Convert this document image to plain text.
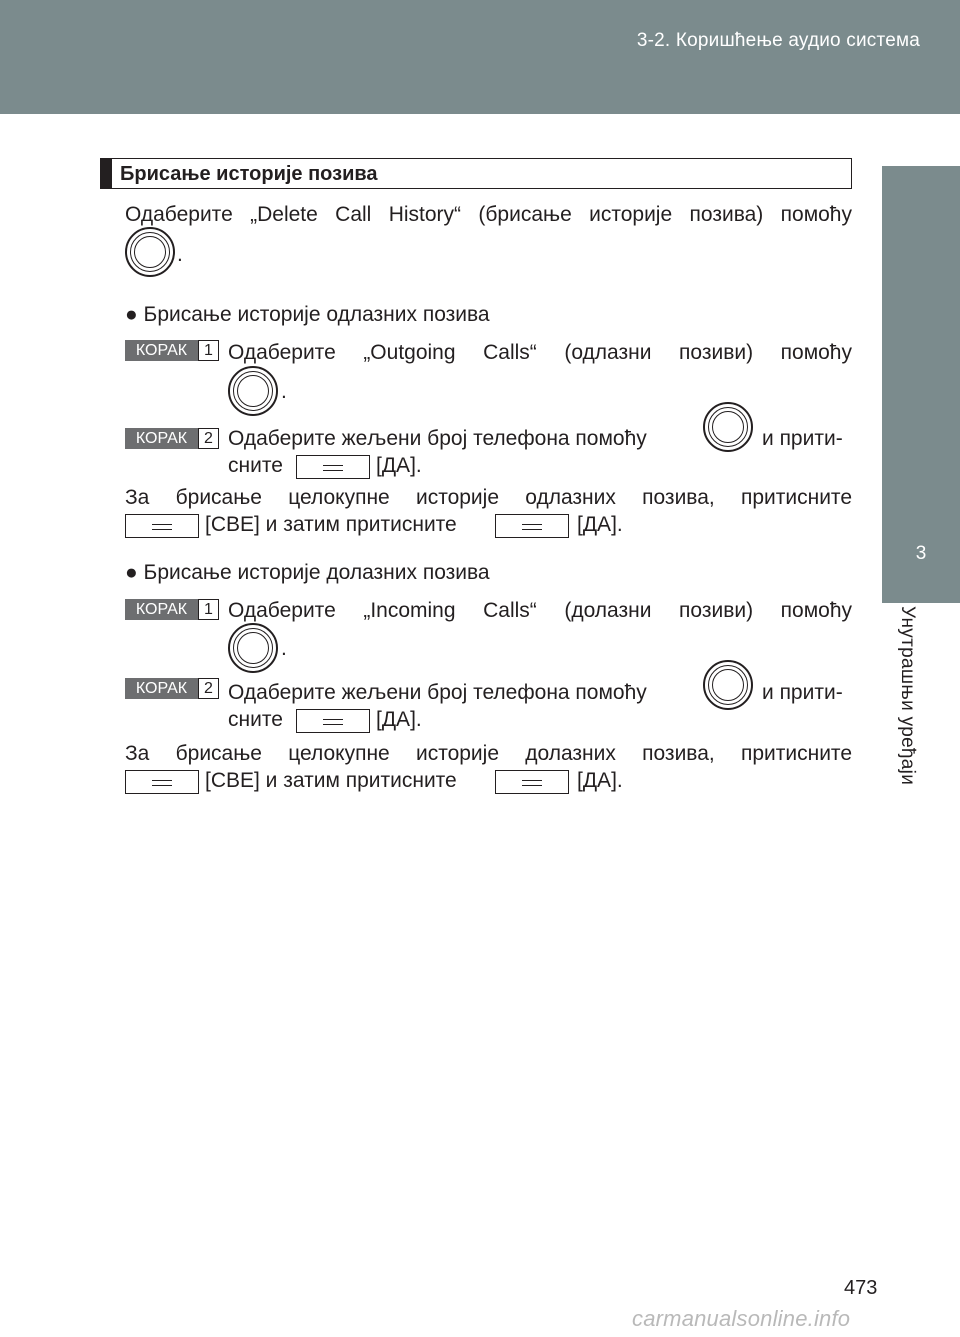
3-2. Коришћење аудио система
3
Унутрашњи уређаји
Брисање историје позива
Одаберите „Delete Call History“ (брисање историје позива) помоћу
.
● Брисање историје одлазних позива
КОРАК	1 Одаберите „Outgoing Calls“ (одлазни позиви) помоћу
.
КОРАК	2 Одаберите жељени број телефона помоћу	и прити-
сните	[ДА].
За брисање целокупне историје одлазних позива, притисните
[СВЕ] и затим притисните	[ДА].
● Брисање историје долазних позива
КОРАК	1 Одаберите „Incoming Calls“ (долазни позиви) помоћу
.
КОРАК	2 Одаберите жељени број телефона помоћу	и прити-
сните	[ДА].
За брисање целокупне историје долазних позива, притисните
[СВЕ] и затим притисните	[ДА].
473
carmanualsonline.info
